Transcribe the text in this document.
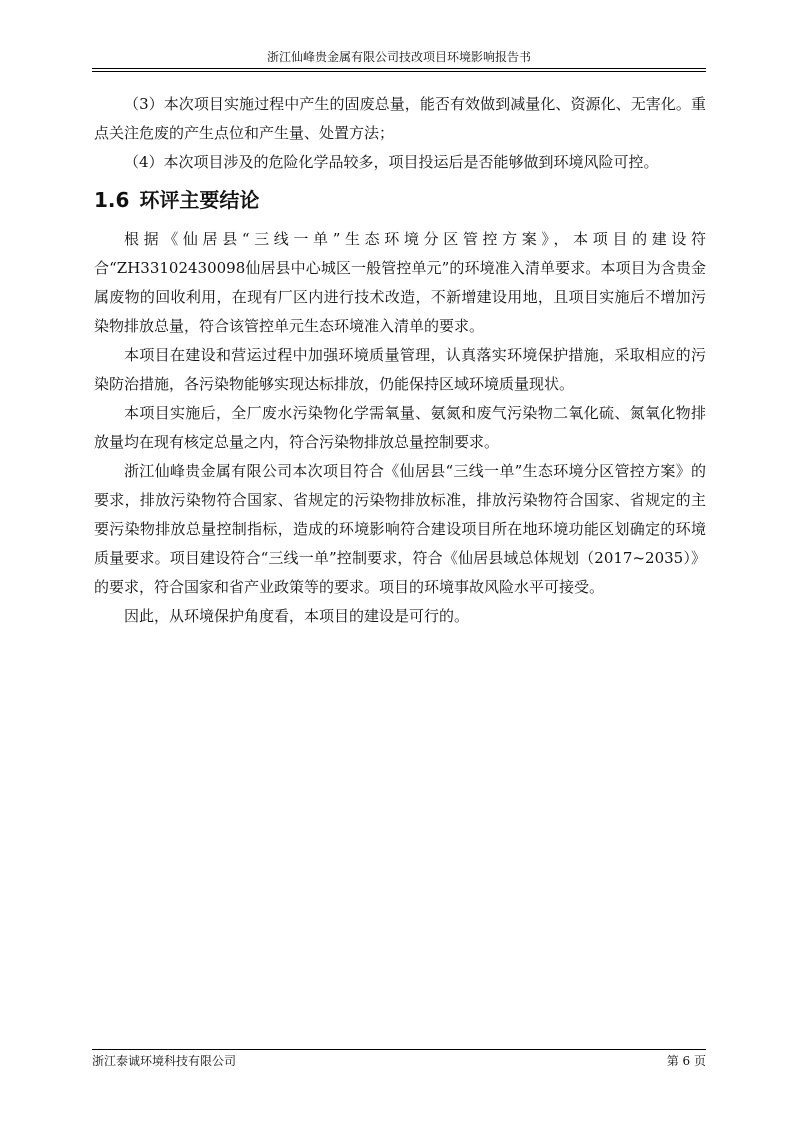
浙江仙峰贵金属有限公司技改项目环境影响报告书

（3）本次项目实施过程中产生的固废总量，能否有效做到减量化、资源化、无害化。重点关注危废的产生点位和产生量、处置方法；

（4）本次项目涉及的危险化学品较多，项目投运后是否能够做到环境风险可控。

1.6 环评主要结论

根据《仙居县“三线一单”生态环境分区管控方案》，本项目的建设符合“ZH33102430098仙居县中心城区一般管控单元”的环境准入清单要求。本项目为含贵金属废物的回收利用，在现有厂区内进行技术改造，不新增建设用地，且项目实施后不增加污染物排放总量，符合该管控单元生态环境准入清单的要求。

本项目在建设和营运过程中加强环境质量管理，认真落实环境保护措施，采取相应的污染防治措施，各污染物能够实现达标排放，仍能保持区域环境质量现状。

本项目实施后，全厂废水污染物化学需氧量、氨氮和废气污染物二氧化硫、氮氧化物排放量均在现有核定总量之内，符合污染物排放总量控制要求。

浙江仙峰贵金属有限公司本次项目符合《仙居县“三线一单”生态环境分区管控方案》的要求，排放污染物符合国家、省规定的污染物排放标准，排放污染物符合国家、省规定的主要污染物排放总量控制指标，造成的环境影响符合建设项目所在地环境功能区划确定的环境质量要求。项目建设符合“三线一单”控制要求，符合《仙居县域总体规划（2017~2035）》的要求，符合国家和省产业政策等的要求。项目的环境事故风险水平可接受。

因此，从环境保护角度看，本项目的建设是可行的。

浙江泰诚环境科技有限公司	第 6 页
